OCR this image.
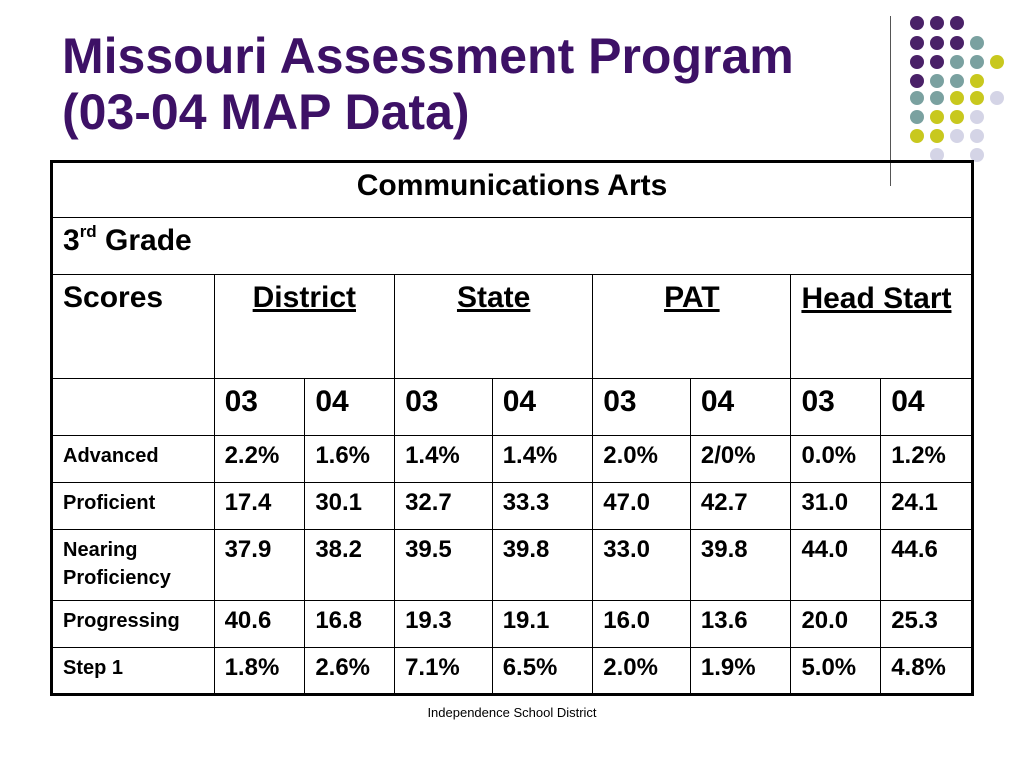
Missouri Assessment Program
(03-04 MAP Data)
Communications Arts								
3rd Grade								
Scores	District		State		PAT		Head Start	
	03	04	03	04	03	04	03	04
Advanced	2.2%	1.6%	1.4%	1.4%	2.0%	2/0%	0.0%	1.2%
Proficient	17.4	30.1	32.7	33.3	47.0	42.7	31.0	24.1
Nearing Proficiency	37.9	38.2	39.5	39.8	33.0	39.8	44.0	44.6
Progressing	40.6	16.8	19.3	19.1	16.0	13.6	20.0	25.3
Step 1	1.8%	2.6%	7.1%	6.5%	2.0%	1.9%	5.0%	4.8%
Independence School District
